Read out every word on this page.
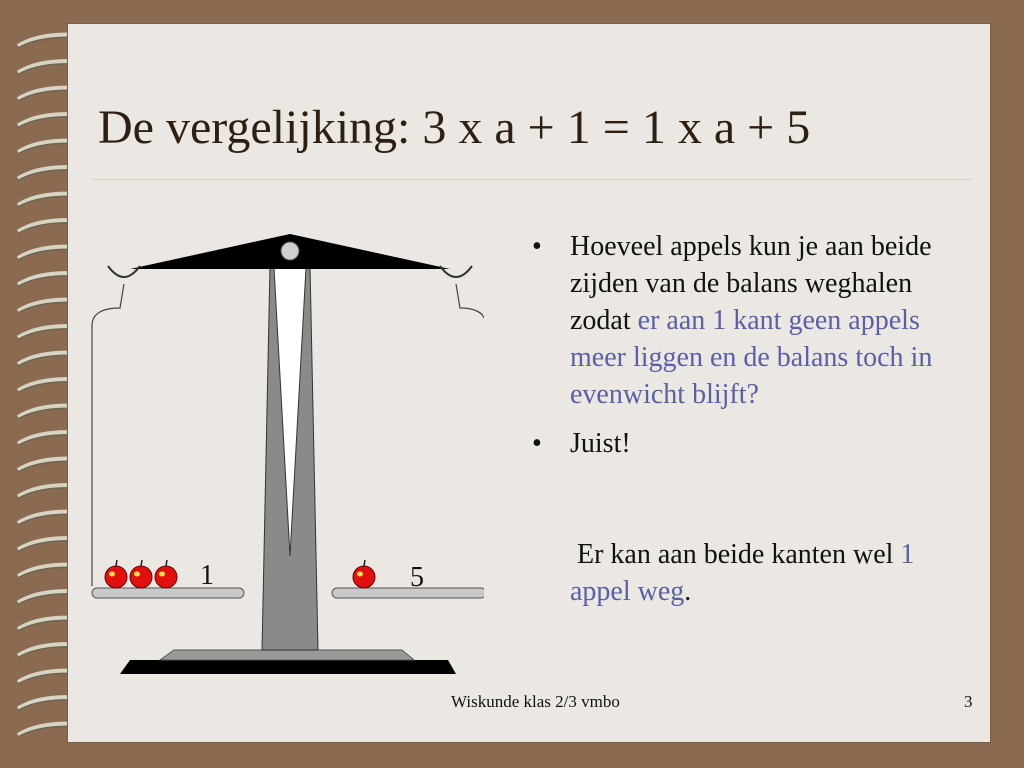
De vergelijking: 3 x a + 1 = 1 x a + 5
1	5
• Hoeveel appels kun je aan beide zijden van de balans weghalen zodat er aan 1 kant geen appels meer liggen en de balans toch in evenwicht blijft?
• Juist!

Er kan aan beide kanten wel 1 appel weg.

Wiskunde klas 2/3 vmbo	3
